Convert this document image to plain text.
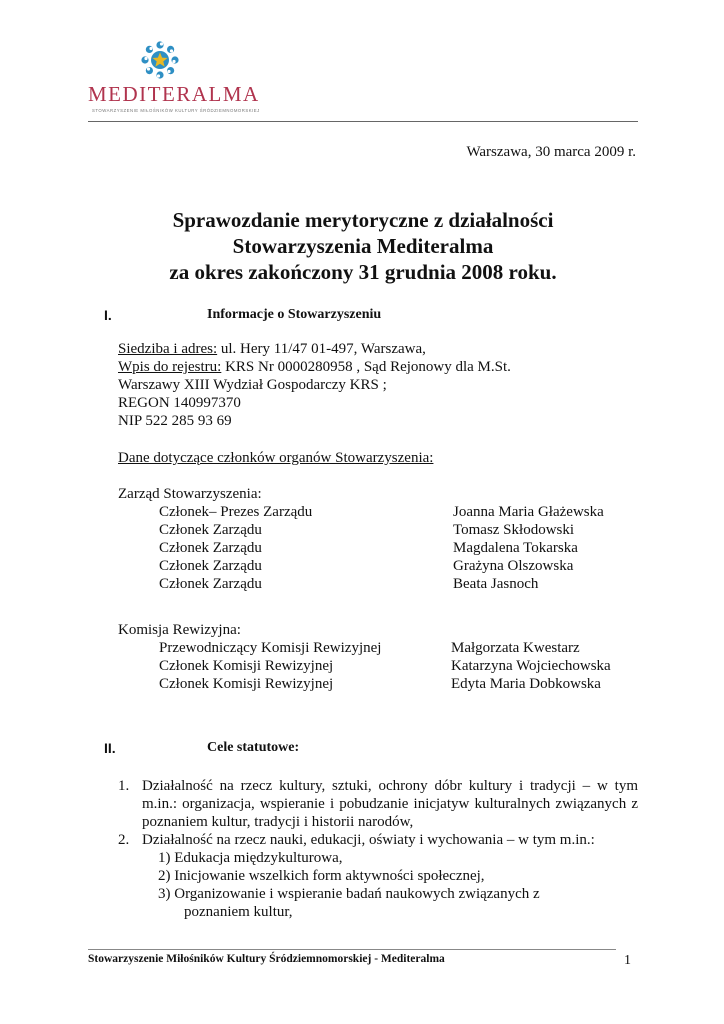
MEDITERALMA
STOWARZYSZENIE MIŁOŚNIKÓW KULTURY ŚRÓDZIEMNOMORSKIEJ
Warszawa, 30 marca 2009 r.
Sprawozdanie merytoryczne z działalności
Stowarzyszenia Mediteralma
za okres zakończony 31 grudnia 2008 roku.
I.	Informacje o Stowarzyszeniu
Siedziba i adres: ul. Hery 11/47 01-497, Warszawa,
Wpis do rejestru: KRS Nr 0000280958 , Sąd Rejonowy dla M.St.
Warszawy XIII Wydział Gospodarczy KRS ;
REGON 140997370
NIP 522 285 93 69
Dane dotyczące członków organów Stowarzyszenia:
Zarząd Stowarzyszenia:
Członek– Prezes Zarządu	Joanna Maria Głażewska
Członek Zarządu	Tomasz Skłodowski
Członek Zarządu	Magdalena Tokarska
Członek Zarządu	Grażyna Olszowska
Członek Zarządu	Beata Jasnoch
Komisja Rewizyjna:
Przewodniczący Komisji Rewizyjnej	Małgorzata Kwestarz
Członek Komisji Rewizyjnej	Katarzyna Wojciechowska
Członek Komisji Rewizyjnej	Edyta Maria Dobkowska
II.	Cele statutowe:
1. Działalność na rzecz kultury, sztuki, ochrony dóbr kultury i tradycji – w tym m.in.: organizacja, wspieranie i pobudzanie inicjatyw kulturalnych związanych z poznaniem kultur, tradycji i historii narodów,
2. Działalność na rzecz nauki, edukacji, oświaty i wychowania – w tym m.in.:
1) Edukacja międzykulturowa,
2) Inicjowanie wszelkich form aktywności społecznej,
3) Organizowanie i wspieranie badań naukowych związanych z
poznaniem kultur,
Stowarzyszenie Miłośników Kultury Śródziemnomorskiej - Mediteralma	1
